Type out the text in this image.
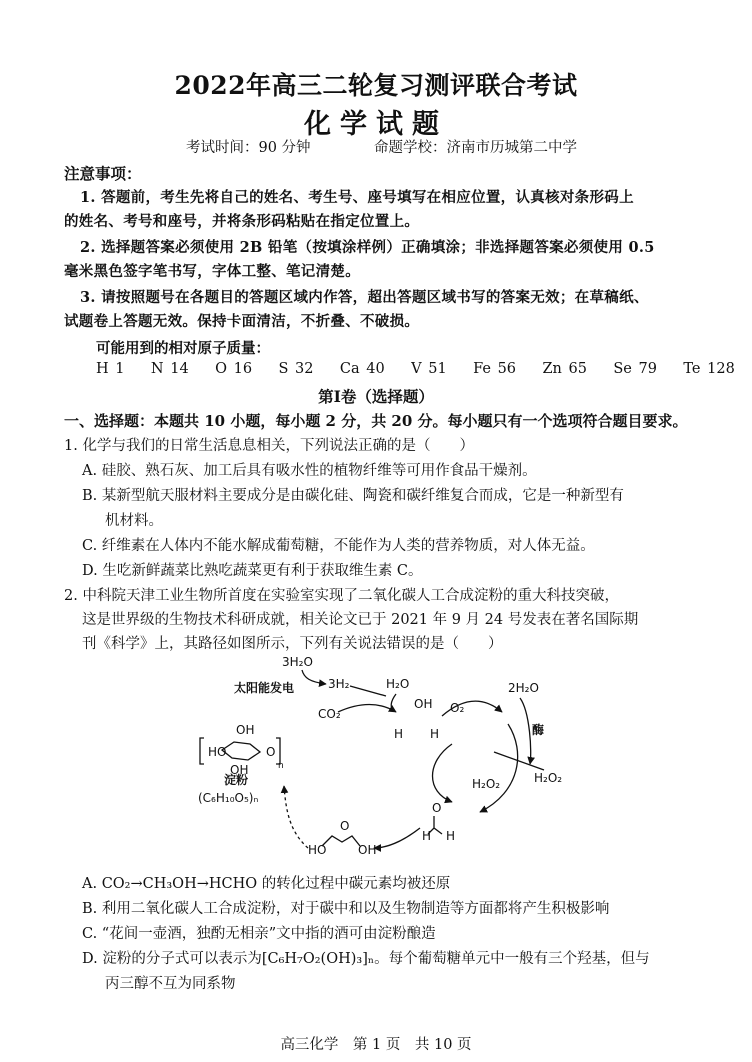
2022年高三二轮复习测评联合考试
化学试题
考试时间：90 分钟	命题学校：济南市历城第二中学
注意事项：
1. 答题前，考生先将自己的姓名、考生号、座号填写在相应位置，认真核对条形码上
的姓名、考号和座号，并将条形码粘贴在指定位置上。
2. 选择题答案必须使用 2B 铅笔（按填涂样例）正确填涂；非选择题答案必须使用 0.5
毫米黑色签字笔书写，字体工整、笔记清楚。
3. 请按照题号在各题目的答题区域内作答，超出答题区域书写的答案无效；在草稿纸、
试题卷上答题无效。保持卡面清洁，不折叠、不破损。
可能用到的相对原子质量：
H 1    N 14    O 16    S 32    Ca 40    V 51    Fe 56    Zn 65    Se 79    Te 128
第Ⅰ卷（选择题）
一、选择题：本题共 10 小题，每小题 2 分，共 20 分。每小题只有一个选项符合题目要求。
1. 化学与我们的日常生活息息相关，下列说法正确的是（　　）
A. 硅胶、熟石灰、加工后具有吸水性的植物纤维等可用作食品干燥剂。
B. 某新型航天服材料主要成分是由碳化硅、陶瓷和碳纤维复合而成，它是一种新型有
机材料。
C. 纤维素在人体内不能水解成葡萄糖，不能作为人类的营养物质，对人体无益。
D. 生吃新鲜蔬菜比熟吃蔬菜更有利于获取维生素 C。
2. 中科院天津工业生物所首度在实验室实现了二氧化碳人工合成淀粉的重大科技突破，
这是世界级的生物技术科研成就，相关论文已于 2021 年 9 月 24 号发表在著名国际期
刊《科学》上，其路径如图所示，下列有关说法错误的是（　　）
3H₂O
太阳能发电	3H₂
CO₂
H₂O
OH
H H
O₂
2H₂O
酶
H₂O₂	H₂O₂
O
H H
HO	OH
O
OH
HO
OH
O
n
淀粉
(C₆H₁₀O₅)ₙ
A. CO₂→CH₃OH→HCHO 的转化过程中碳元素均被还原
B. 利用二氧化碳人工合成淀粉，对于碳中和以及生物制造等方面都将产生积极影响
C. “花间一壶酒，独酌无相亲”文中指的酒可由淀粉酿造
D. 淀粉的分子式可以表示为[C₆H₇O₂(OH)₃]ₙ。每个葡萄糖单元中一般有三个羟基，但与
丙三醇不互为同系物
高三化学　第 1 页　共 10 页
